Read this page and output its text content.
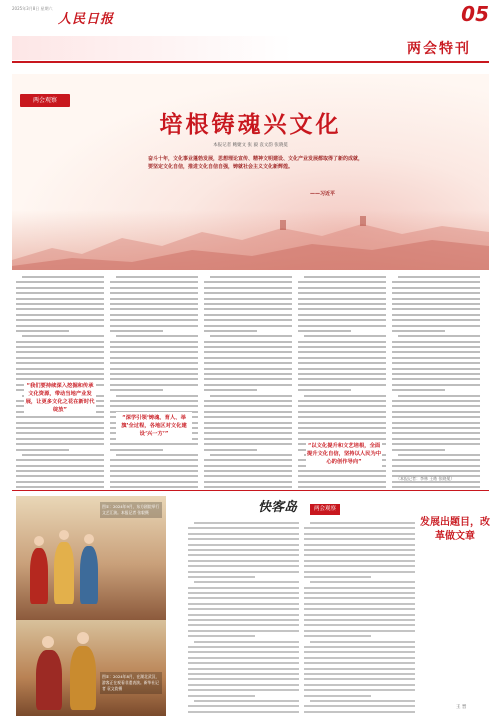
2025年3月8日 星期六
人民日报	05
两会特刊
两会观察
培根铸魂兴文化
本报记者 鲍婕文 张 毅 袁文韵 张晓冕
奋斗十年，文化事业蓬勃发展，思想理论宣传、精神文明建设、文化产业发展都取得了新的成就，要坚定文化自信，推进文化自信自强，铸就社会主义文化新辉煌。
——习近平
“我们要持续深入挖掘和传承文化资源，带动当地产业发展，让更多文化之花在新时代绽放”
“深学引领‘铸魂、育人、举旗’全过程，各地区对文化建设‘兴一方’”
“以文化提升和文艺培根，全面提升文化自信，坚持以人民为中心的创作导向”
（本报记者：李林 王皓 张晓冕）
图①：2024年9月，东方剧院举行文艺汇演。本报记者 张毅摄
图②：2024年8月，在湖北武汉，游客正在观看非遗表演。新华社记者 袁文韵摄
快客岛	两会观察
发展出题目，改革做文章
王 晋
